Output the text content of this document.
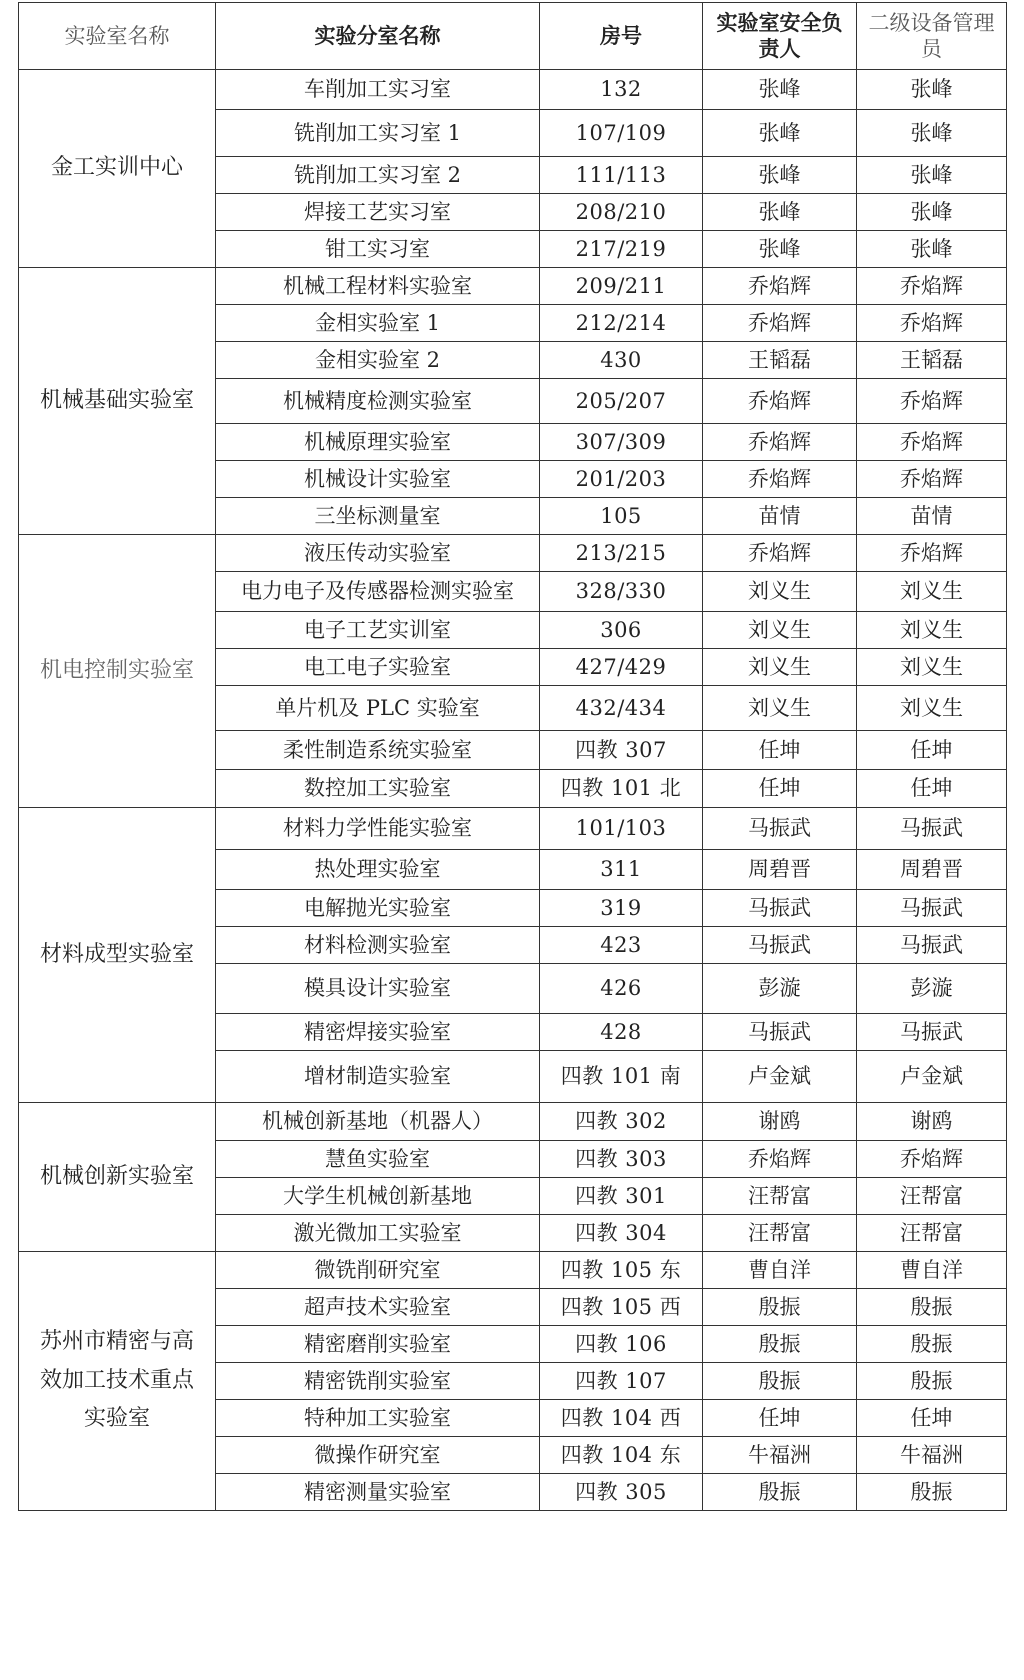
实验室名称	实验分室名称	房号	实验室安全负责人	二级设备管理员
金工实训中心	车削加工实习室	132	张峰	张峰
	铣削加工实习室 1	107/109	张峰	张峰
	铣削加工实习室 2	111/113	张峰	张峰
	焊接工艺实习室	208/210	张峰	张峰
	钳工实习室	217/219	张峰	张峰
机械基础实验室	机械工程材料实验室	209/211	乔焰辉	乔焰辉
	金相实验室 1	212/214	乔焰辉	乔焰辉
	金相实验室 2	430	王韬磊	王韬磊
	机械精度检测实验室	205/207	乔焰辉	乔焰辉
	机械原理实验室	307/309	乔焰辉	乔焰辉
	机械设计实验室	201/203	乔焰辉	乔焰辉
	三坐标测量室	105	苗情	苗情
机电控制实验室	液压传动实验室	213/215	乔焰辉	乔焰辉
	电力电子及传感器检测实验室	328/330	刘义生	刘义生
	电子工艺实训室	306	刘义生	刘义生
	电工电子实验室	427/429	刘义生	刘义生
	单片机及 PLC 实验室	432/434	刘义生	刘义生
	柔性制造系统实验室	四教 307	任坤	任坤
	数控加工实验室	四教 101 北	任坤	任坤
材料成型实验室	材料力学性能实验室	101/103	马振武	马振武
	热处理实验室	311	周碧晋	周碧晋
	电解抛光实验室	319	马振武	马振武
	材料检测实验室	423	马振武	马振武
	模具设计实验室	426	彭漩	彭漩
	精密焊接实验室	428	马振武	马振武
	增材制造实验室	四教 101 南	卢金斌	卢金斌
机械创新实验室	机械创新基地（机器人）	四教 302	谢鸥	谢鸥
	慧鱼实验室	四教 303	乔焰辉	乔焰辉
	大学生机械创新基地	四教 301	汪帮富	汪帮富
	激光微加工实验室	四教 304	汪帮富	汪帮富
苏州市精密与高效加工技术重点实验室	微铣削研究室	四教 105 东	曹自洋	曹自洋
	超声技术实验室	四教 105 西	殷振	殷振
	精密磨削实验室	四教 106	殷振	殷振
	精密铣削实验室	四教 107	殷振	殷振
	特种加工实验室	四教 104 西	任坤	任坤
	微操作研究室	四教 104 东	牛福洲	牛福洲
	精密测量实验室	四教 305	殷振	殷振
